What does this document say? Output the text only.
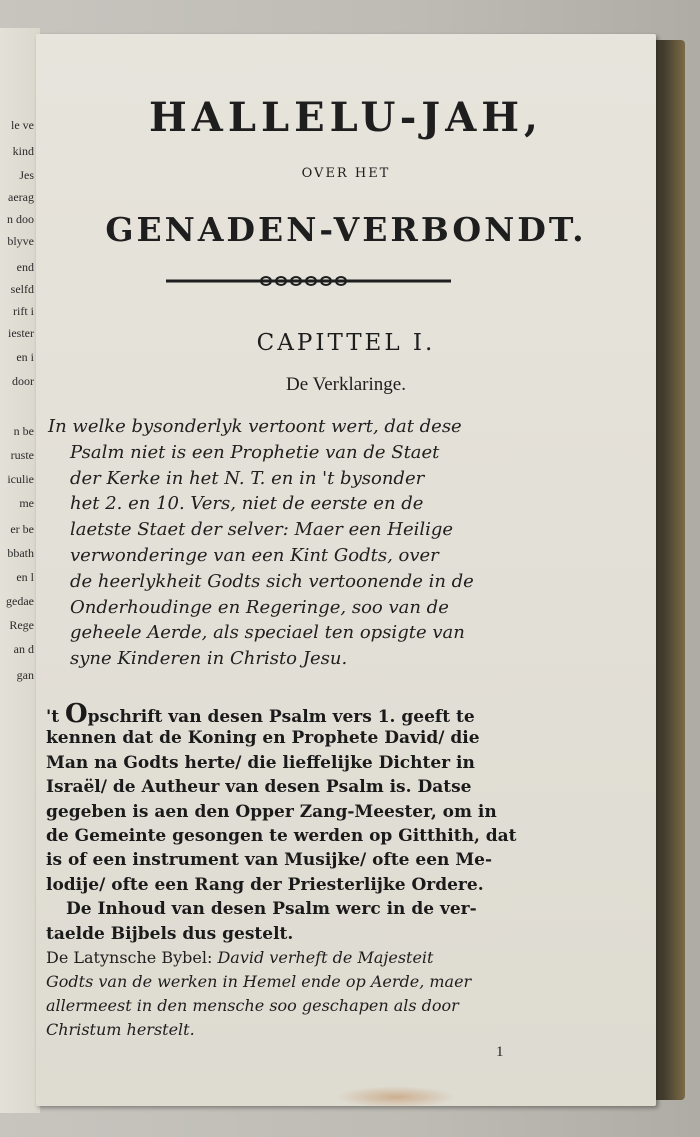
le ve
kind
Jes
aerag
n doo
blyve
end
selfd
rift i
iester
en i
door
n be
ruste
iculie
me
er be
bbath
en l
gedae
Rege
an d
gan
HALLELU-JAH,
OVER HET
GENADEN-VERBONDT.
CAPITTEL I.
De Verklaringe.
In welke bysonderlyk vertoont wert, dat dese
Psalm niet is een Prophetie van de Staet
der Kerke in het N. T. en in 't bysonder
het 2. en 10. Vers, niet de eerste en de
laetste Staet der selver: Maer een Heilige
verwonderinge van een Kint Godts, over
de heerlykheit Godts sich vertoonende in de
Onderhoudinge en Regeringe, soo van de
geheele Aerde, als speciael ten opsigte van
syne Kinderen in Christo Jesu.
't Opschrift van desen Psalm vers 1. geeft te
kennen dat de Koning en Prophete David/ die
Man na Godts herte/ die lieffelijke Dichter in
Israël/ de Autheur van desen Psalm is. Datse
gegeben is aen den Opper Zang-Meester, om in
de Gemeinte gesongen te werden op Gitthith, dat
is of een instrument van Musijke/ ofte een Me-
lodije/ ofte een Rang der Priesterlijke Ordere.
De Inhoud van desen Psalm werc in de ver-
taelde Bijbels dus gestelt.
De Latynsche Bybel: David verheft de Majesteit
Godts van de werken in Hemel ende op Aerde, maer
allermeest in den mensche soo geschapen als door
Christum herstelt.
1
